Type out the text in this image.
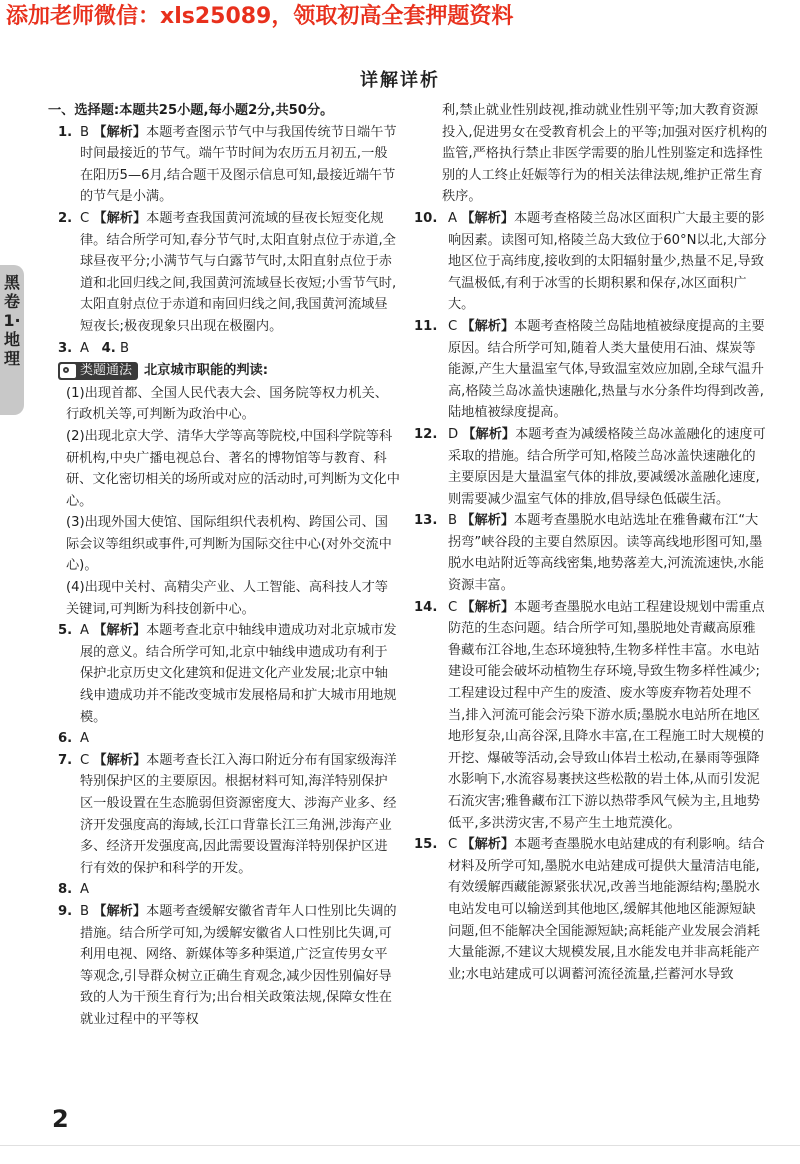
添加老师微信：xls25089，领取初高全套押题资料
黑卷1·地理
详解详析
一、选择题:本题共25小题,每小题2分,共50分。
1. B 【解析】本题考查图示节气中与我国传统节日端午节时间最接近的节气。端午节时间为农历五月初五,一般在阳历5—6月,结合题干及图示信息可知,最接近端午节的节气是小满。
2. C 【解析】本题考查我国黄河流域的昼夜长短变化规律。结合所学可知,春分节气时,太阳直射点位于赤道,全球昼夜平分;小满节气与白露节气时,太阳直射点位于赤道和北回归线之间,我国黄河流域昼长夜短;小雪节气时,太阳直射点位于赤道和南回归线之间,我国黄河流域昼短夜长;极夜现象只出现在极圈内。
3. A 4. B
类题通法 北京城市职能的判读:
(1)出现首都、全国人民代表大会、国务院等权力机关、行政机关等,可判断为政治中心。
(2)出现北京大学、清华大学等高等院校,中国科学院等科研机构,中央广播电视总台、著名的博物馆等与教育、科研、文化密切相关的场所或对应的活动时,可判断为文化中心。
(3)出现外国大使馆、国际组织代表机构、跨国公司、国际会议等组织或事件,可判断为国际交往中心(对外交流中心)。
(4)出现中关村、高精尖产业、人工智能、高科技人才等关键词,可判断为科技创新中心。
5. A 【解析】本题考查北京中轴线申遗成功对北京城市发展的意义。结合所学可知,北京中轴线申遗成功有利于保护北京历史文化建筑和促进文化产业发展;北京中轴线申遗成功并不能改变城市发展格局和扩大城市用地规模。
6. A
7. C 【解析】本题考查长江入海口附近分布有国家级海洋特别保护区的主要原因。根据材料可知,海洋特别保护区一般设置在生态脆弱但资源密度大、涉海产业多、经济开发强度高的海域,长江口背靠长江三角洲,涉海产业多、经济开发强度高,因此需要设置海洋特别保护区进行有效的保护和科学的开发。
8. A
9. B 【解析】本题考查缓解安徽省青年人口性别比失调的措施。结合所学可知,为缓解安徽省人口性别比失调,可利用电视、网络、新媒体等多种渠道,广泛宣传男女平等观念,引导群众树立正确生育观念,减少因性别偏好导致的人为干预生育行为;出台相关政策法规,保障女性在就业过程中的平等权
利,禁止就业性别歧视,推动就业性别平等;加大教育资源投入,促进男女在受教育机会上的平等;加强对医疗机构的监管,严格执行禁止非医学需要的胎儿性别鉴定和选择性别的人工终止妊娠等行为的相关法律法规,维护正常生育秩序。
10. A 【解析】本题考查格陵兰岛冰区面积广大最主要的影响因素。读图可知,格陵兰岛大致位于60°N以北,大部分地区位于高纬度,接收到的太阳辐射量少,热量不足,导致气温极低,有利于冰雪的长期积累和保存,冰区面积广大。
11. C 【解析】本题考查格陵兰岛陆地植被绿度提高的主要原因。结合所学可知,随着人类大量使用石油、煤炭等能源,产生大量温室气体,导致温室效应加剧,全球气温升高,格陵兰岛冰盖快速融化,热量与水分条件均得到改善,陆地植被绿度提高。
12. D 【解析】本题考查为减缓格陵兰岛冰盖融化的速度可采取的措施。结合所学可知,格陵兰岛冰盖快速融化的主要原因是大量温室气体的排放,要减缓冰盖融化速度,则需要减少温室气体的排放,倡导绿色低碳生活。
13. B 【解析】本题考查墨脱水电站选址在雅鲁藏布江“大拐弯”峡谷段的主要自然原因。读等高线地形图可知,墨脱水电站附近等高线密集,地势落差大,河流流速快,水能资源丰富。
14. C 【解析】本题考查墨脱水电站工程建设规划中需重点防范的生态问题。结合所学可知,墨脱地处青藏高原雅鲁藏布江谷地,生态环境独特,生物多样性丰富。水电站建设可能会破坏动植物生存环境,导致生物多样性减少;工程建设过程中产生的废渣、废水等废弃物若处理不当,排入河流可能会污染下游水质;墨脱水电站所在地区地形复杂,山高谷深,且降水丰富,在工程施工时大规模的开挖、爆破等活动,会导致山体岩土松动,在暴雨等强降水影响下,水流容易裹挟这些松散的岩土体,从而引发泥石流灾害;雅鲁藏布江下游以热带季风气候为主,且地势低平,多洪涝灾害,不易产生土地荒漠化。
15. C 【解析】本题考查墨脱水电站建成的有利影响。结合材料及所学可知,墨脱水电站建成可提供大量清洁电能,有效缓解西藏能源紧张状况,改善当地能源结构;墨脱水电站发电可以输送到其他地区,缓解其他地区能源短缺问题,但不能解决全国能源短缺;高耗能产业发展会消耗大量能源,不建议大规模发展,且水能发电并非高耗能产业;水电站建成可以调蓄河流径流量,拦蓄河水导致
2
